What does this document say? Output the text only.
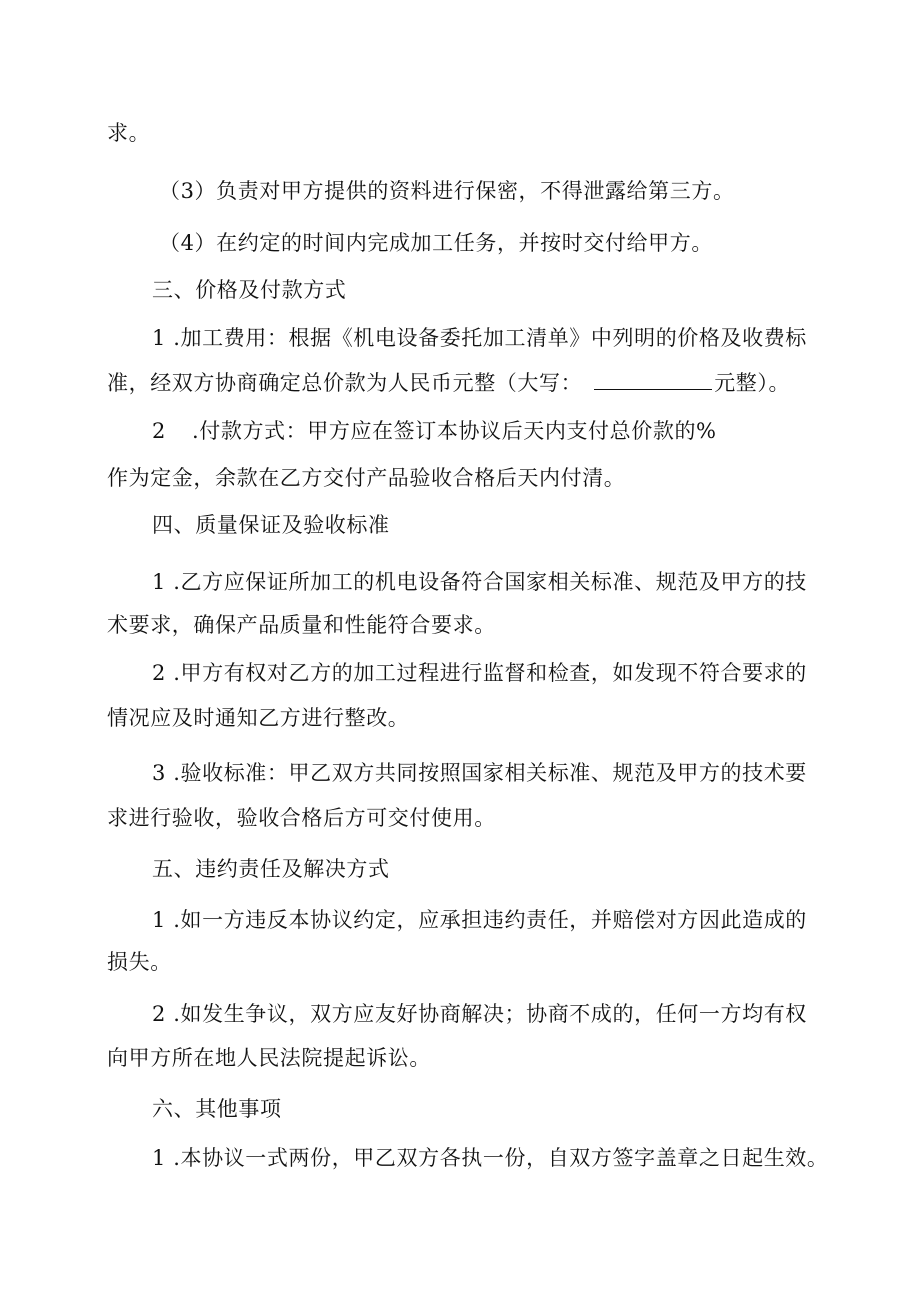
求。
（3）负责对甲方提供的资料进行保密，不得泄露给第三方。
（4）在约定的时间内完成加工任务，并按时交付给甲方。
三、价格及付款方式
1 .加工费用：根据《机电设备委托加工清单》中列明的价格及收费标
准，经双方协商确定总价款为人民币元整（大写：	元整）。
2 .付款方式：甲方应在签订本协议后天内支付总价款的%
作为定金，余款在乙方交付产品验收合格后天内付清。
四、质量保证及验收标准
1 .乙方应保证所加工的机电设备符合国家相关标准、规范及甲方的技
术要求，确保产品质量和性能符合要求。
2 .甲方有权对乙方的加工过程进行监督和检查，如发现不符合要求的
情况应及时通知乙方进行整改。
3 .验收标准：甲乙双方共同按照国家相关标准、规范及甲方的技术要
求进行验收，验收合格后方可交付使用。
五、违约责任及解决方式
1 .如一方违反本协议约定，应承担违约责任，并赔偿对方因此造成的
损失。
2 .如发生争议，双方应友好协商解决；协商不成的，任何一方均有权
向甲方所在地人民法院提起诉讼。
六、其他事项
1 .本协议一式两份，甲乙双方各执一份，自双方签字盖章之日起生效。
